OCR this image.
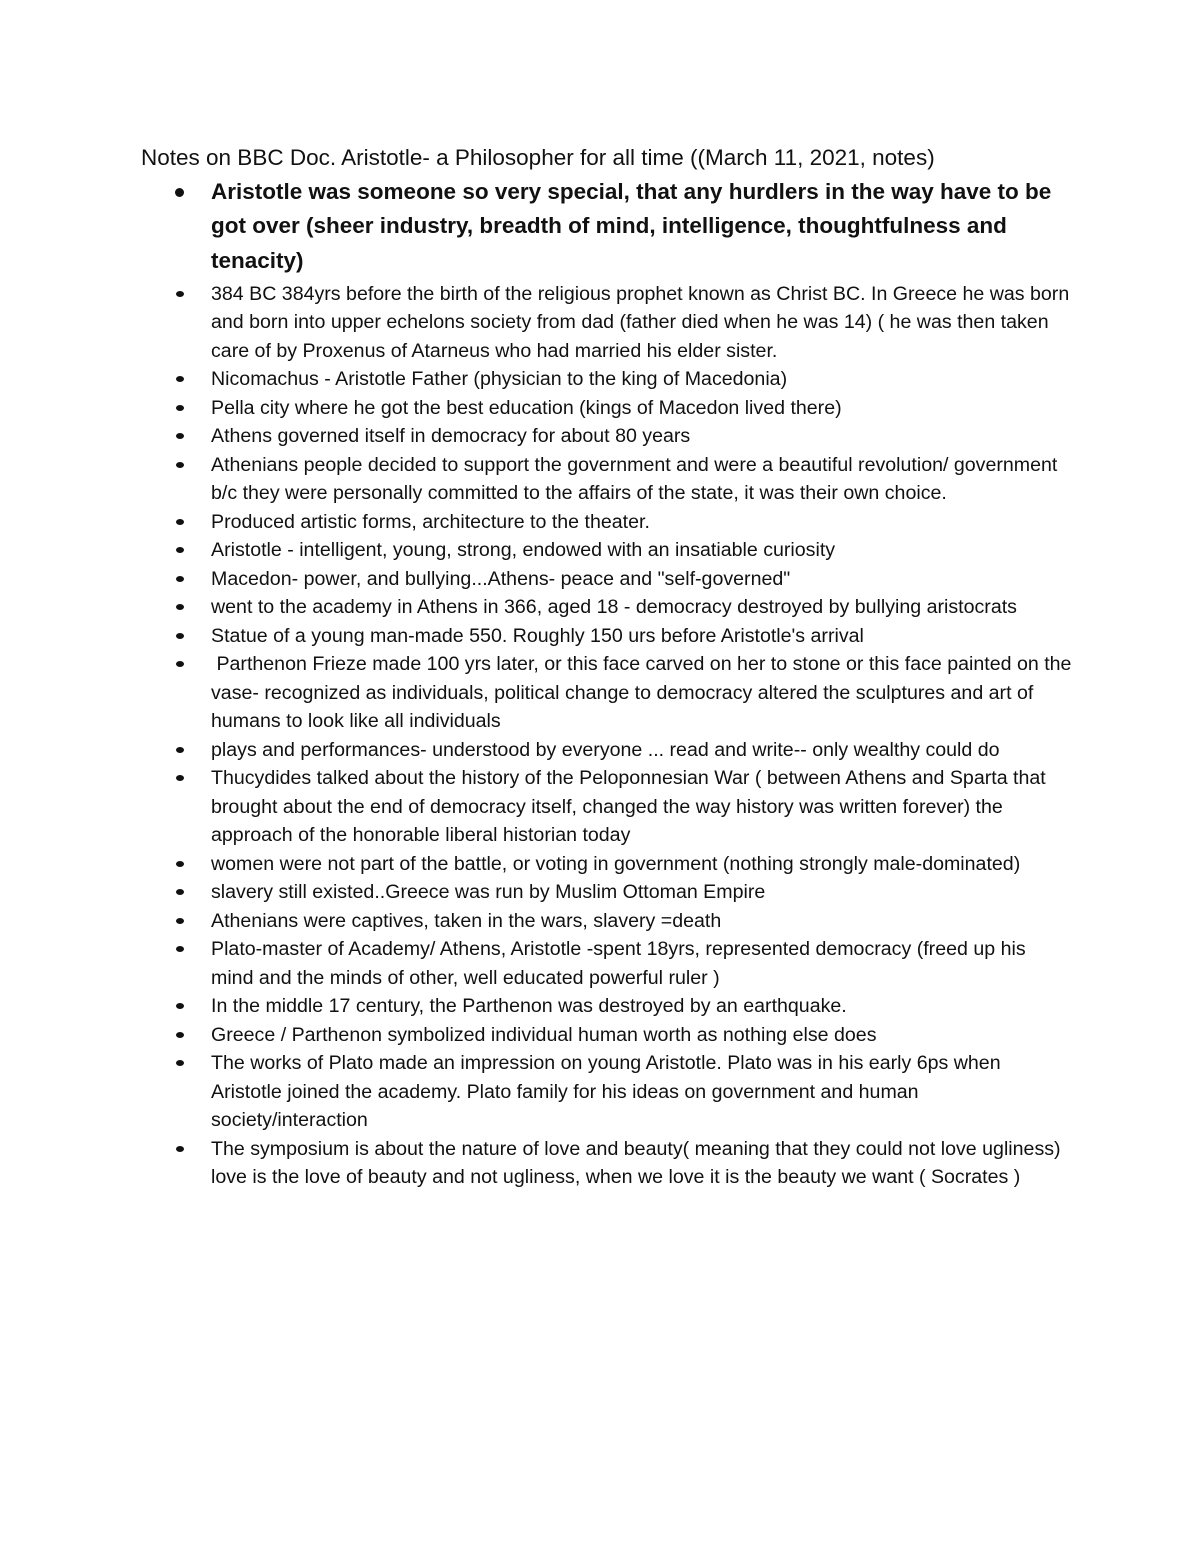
Notes on BBC Doc. Aristotle- a Philosopher for all time ((March 11, 2021, notes)
Aristotle was someone so very special, that any hurdlers in the way have to be got over (sheer industry, breadth of mind, intelligence, thoughtfulness and tenacity)
384 BC 384yrs before the birth of the religious prophet known as Christ BC. In Greece he was born and born into upper echelons society from dad (father died when he was 14) ( he was then taken care of by Proxenus of Atarneus who had married his elder sister.
Nicomachus - Aristotle Father (physician to the king of Macedonia)
Pella city where he got the best education (kings of Macedon lived there)
Athens governed itself in democracy for about 80 years
Athenians people decided to support the government and were a beautiful revolution/ government b/c they were personally committed to the affairs of the state, it was their own choice.
Produced artistic forms, architecture to the theater.
Aristotle - intelligent, young, strong, endowed with an insatiable curiosity
Macedon- power, and bullying...Athens- peace and "self-governed"
went to the academy in Athens in 366, aged 18 - democracy destroyed by bullying aristocrats
Statue of a young man-made 550. Roughly 150 urs before Aristotle's arrival
Parthenon Frieze made 100 yrs later, or this face carved on her to stone or this face painted on the vase- recognized as individuals, political change to democracy altered the sculptures and art of humans to look like all individuals
plays and performances- understood by everyone ... read and write-- only wealthy could do
Thucydides talked about the history of the Peloponnesian War ( between Athens and Sparta that brought about the end of democracy itself, changed the way history was written forever) the approach of the honorable liberal historian today
women were not part of the battle, or voting in government (nothing strongly male-dominated)
slavery still existed..Greece was run by Muslim Ottoman Empire
Athenians were captives, taken in the wars, slavery =death
Plato-master of Academy/ Athens, Aristotle -spent 18yrs, represented democracy (freed up his mind and the minds of other, well educated powerful ruler )
In the middle 17 century, the Parthenon was destroyed by an earthquake.
Greece / Parthenon symbolized individual human worth as nothing else does
The works of Plato made an impression on young Aristotle. Plato was in his early 6ps when Aristotle joined the academy. Plato family for his ideas on government and human society/interaction
The symposium is about the nature of love and beauty( meaning that they could not love ugliness)  love is the love of beauty and not ugliness, when we love it is the beauty we want ( Socrates )
